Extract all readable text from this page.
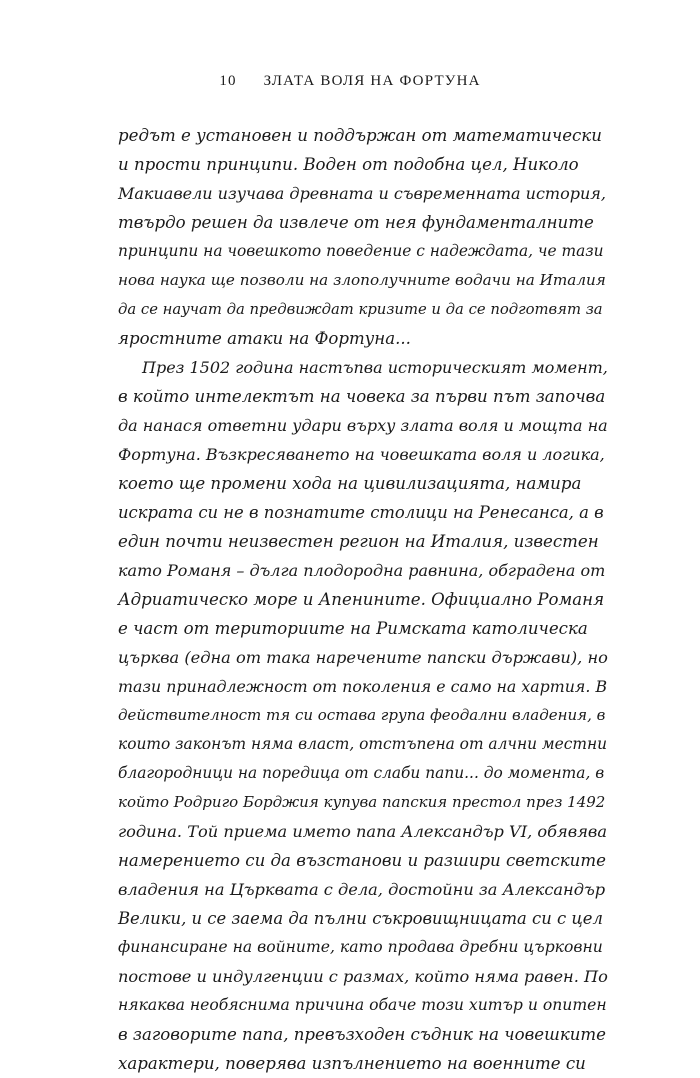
10 ЗЛАТА ВОЛЯ НА ФОРТУНА
редът е установен и поддържан от математически
и прости принципи. Воден от подобна цел, Николо
Макиавели изучава древната и съвременната история,
твърдо решен да извлече от нея фундаменталните
принципи на човешкото поведение с надеждата, че тази
нова наука ще позволи на злополучните водачи на Италия
да се научат да предвиждат кризите и да се подготвят за
яростните атаки на Фортуна...
През 1502 година настъпва историческият момент,
в който интелектът на човека за първи път започва
да нанася ответни удари върху злата воля и мощта на
Фортуна. Възкресяването на човешката воля и логика,
което ще промени хода на цивилизацията, намира
искрата си не в познатите столици на Ренесанса, а в
един почти неизвестен регион на Италия, известен
като Романя – дълга плодородна равнина, обградена от
Адриатическо море и Апенините. Официално Романя
е част от териториите на Римската католическа
църква (една от така наречените папски държави), но
тази принадлежност от поколения е само на хартия. В
действителност тя си остава група феодални владения, в
които законът няма власт, отстъпена от алчни местни
благородници на поредица от слаби папи... до момента, в
който Родриго Борджия купува папския престол през 1492
година. Той приема името папа Александър VI, обявява
намерението си да възстанови и разшири светските
владения на Църквата с дела, достойни за Александър
Велики, и се заема да пълни съкровищницата си с цел
финансиране на войните, като продава дребни църковни
постове и индулгенции с размах, който няма равен. По
някаква необяснима причина обаче този хитър и опитен
в заговорите папа, превъзходен съдник на човешките
характери, поверява изпълнението на военните си
